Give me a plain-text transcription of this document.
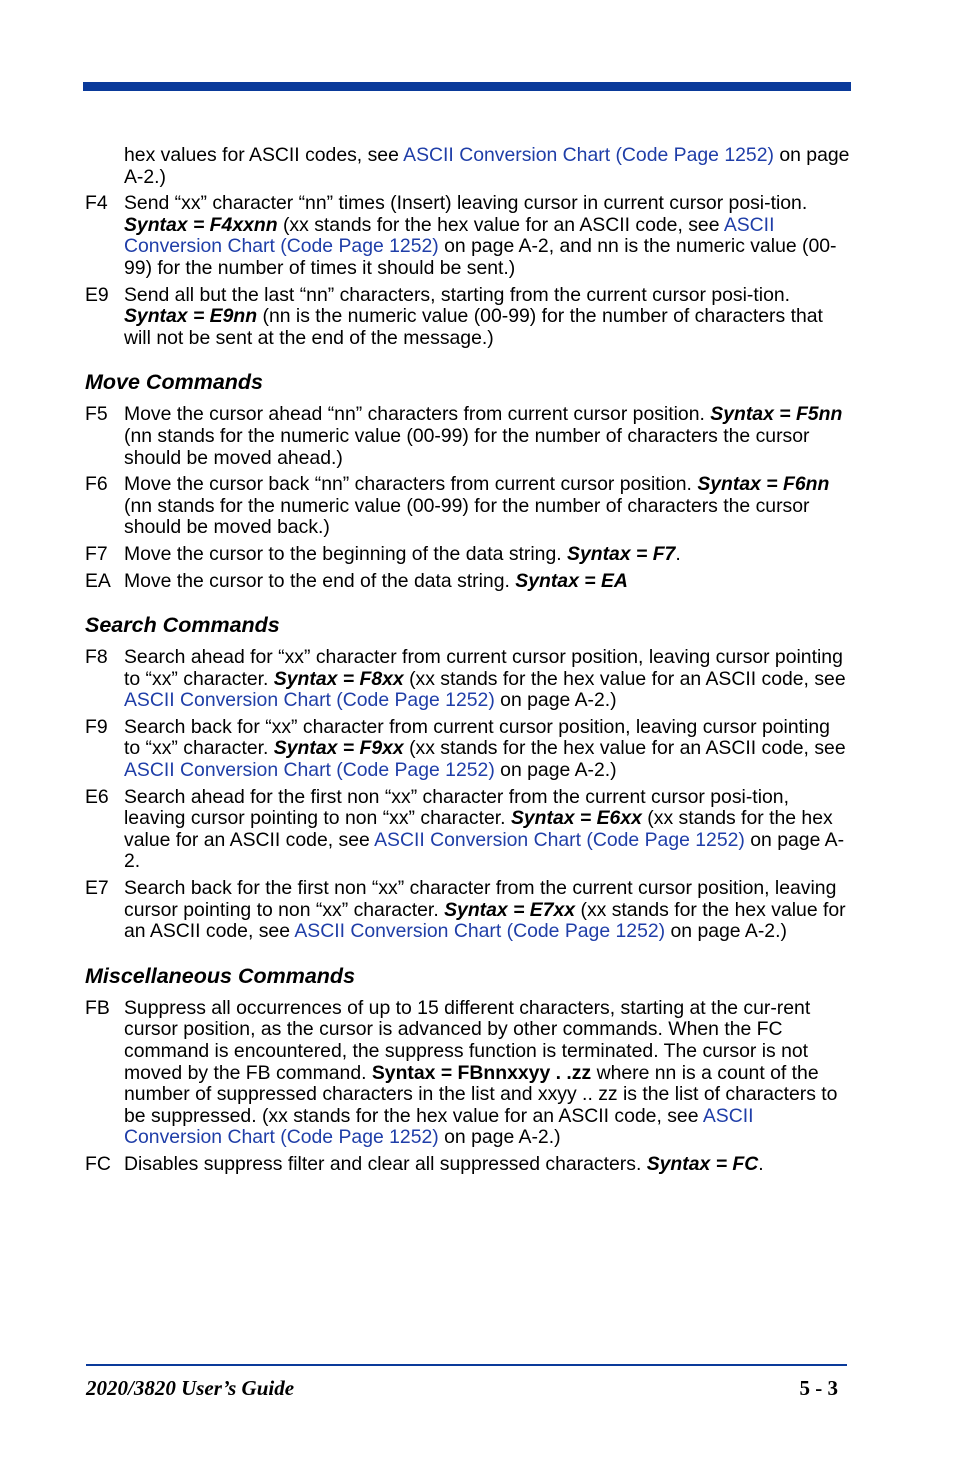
hex values for ASCII codes, see ASCII Conversion Chart (Code Page 1252) on page A-2.)
F4 Send “xx” character “nn” times (Insert) leaving cursor in current cursor posi-tion. Syntax = F4xxnn (xx stands for the hex value for an ASCII code, see ASCII Conversion Chart (Code Page 1252) on page A-2, and nn is the numeric value (00-99) for the number of times it should be sent.)
E9 Send all but the last “nn” characters, starting from the current cursor posi-tion. Syntax = E9nn (nn is the numeric value (00-99) for the number of characters that will not be sent at the end of the message.)
Move Commands
F5 Move the cursor ahead “nn” characters from current cursor position. Syntax = F5nn (nn stands for the numeric value (00-99) for the number of characters the cursor should be moved ahead.)
F6 Move the cursor back “nn” characters from current cursor position. Syntax = F6nn (nn stands for the numeric value (00-99) for the number of characters the cursor should be moved back.)
F7 Move the cursor to the beginning of the data string. Syntax = F7.
EA Move the cursor to the end of the data string. Syntax = EA
Search Commands
F8 Search ahead for “xx” character from current cursor position, leaving cursor pointing to “xx” character. Syntax = F8xx (xx stands for the hex value for an ASCII code, see ASCII Conversion Chart (Code Page 1252) on page A-2.)
F9 Search back for “xx” character from current cursor position, leaving cursor pointing to “xx” character. Syntax = F9xx (xx stands for the hex value for an ASCII code, see ASCII Conversion Chart (Code Page 1252) on page A-2.)
E6 Search ahead for the first non “xx” character from the current cursor posi-tion, leaving cursor pointing to non “xx” character. Syntax = E6xx (xx stands for the hex value for an ASCII code, see ASCII Conversion Chart (Code Page 1252) on page A-2.
E7 Search back for the first non “xx” character from the current cursor position, leaving cursor pointing to non “xx” character. Syntax = E7xx (xx stands for the hex value for an ASCII code, see ASCII Conversion Chart (Code Page 1252) on page A-2.)
Miscellaneous Commands
FB Suppress all occurrences of up to 15 different characters, starting at the cur-rent cursor position, as the cursor is advanced by other commands. When the FC command is encountered, the suppress function is terminated. The cursor is not moved by the FB command. Syntax = FBnnxxyy . .zz where nn is a count of the number of suppressed characters in the list and xxyy .. zz is the list of characters to be suppressed. (xx stands for the hex value for an ASCII code, see ASCII Conversion Chart (Code Page 1252) on page A-2.)
FC Disables suppress filter and clear all suppressed characters. Syntax = FC.
2020/3820 User’s Guide	5 - 3
